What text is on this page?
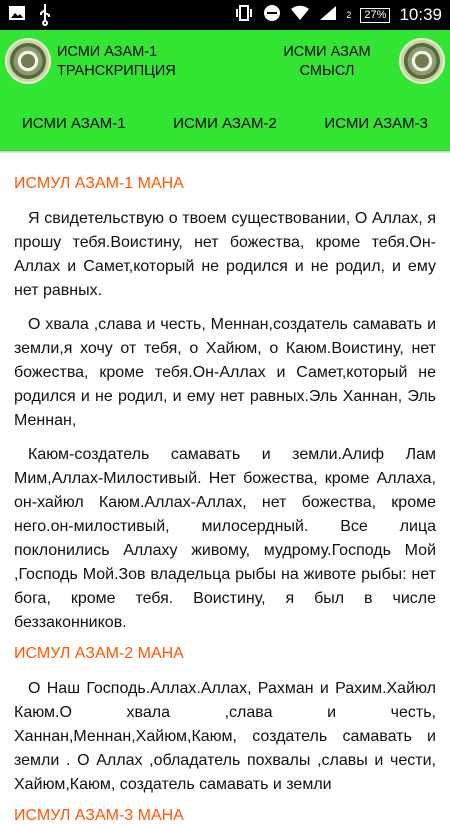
2	27% 10:39
ИСМИ АЗАМ-1
ТРАНСКРИПЦИЯ
ИСМИ АЗАМ
СМЫСЛ
ИСМИ АЗАМ-1	ИСМИ АЗАМ-2	ИСМИ АЗАМ-3
ИСМУЛ АЗАМ-1 МАНА

Я свидетельствую о твоем существовании, О Аллах, я прошу тебя.Воистину, нет божества, кроме тебя.Он-Аллах и Самет,который не родился и не родил, и ему нет равных.

О хвала ,слава и честь, Меннан,создатель самавать и земли,я хочу от тебя, о Хайюм, о Каюм.Воистину, нет божества, кроме тебя.Он-Аллах и Самет,который не родился и не родил, и ему нет равных.Эль Ханнан, Эль Меннан,

Каюм-создатель самавать и земли.Алиф Лам Мим,Аллах-Милостивый. Нет божества, кроме Аллаха, он-хайюл Каюм.Аллах-Аллах, нет божества, кроме него.он-милостивый, милосердный. Все лица поклонились Аллаху живому, мудрому.Господь Мой ,Господь Мой.Зов владельца рыбы на животе рыбы: нет бога, кроме тебя. Воистину, я был в числе беззаконников.

ИСМУЛ АЗАМ-2 МАНА

О Наш Господь.Аллах.Аллах, Рахман и Рахим.Хайюл Каюм.О хвала ,слава и честь, Ханнан,Меннан,Хайюм,Каюм, создатель самавать и земли . О Аллах ,обладатель похвалы ,славы и чести, Хайюм,Каюм, создатель самавать и земли

ИСМУЛ АЗАМ-3 МАНА
